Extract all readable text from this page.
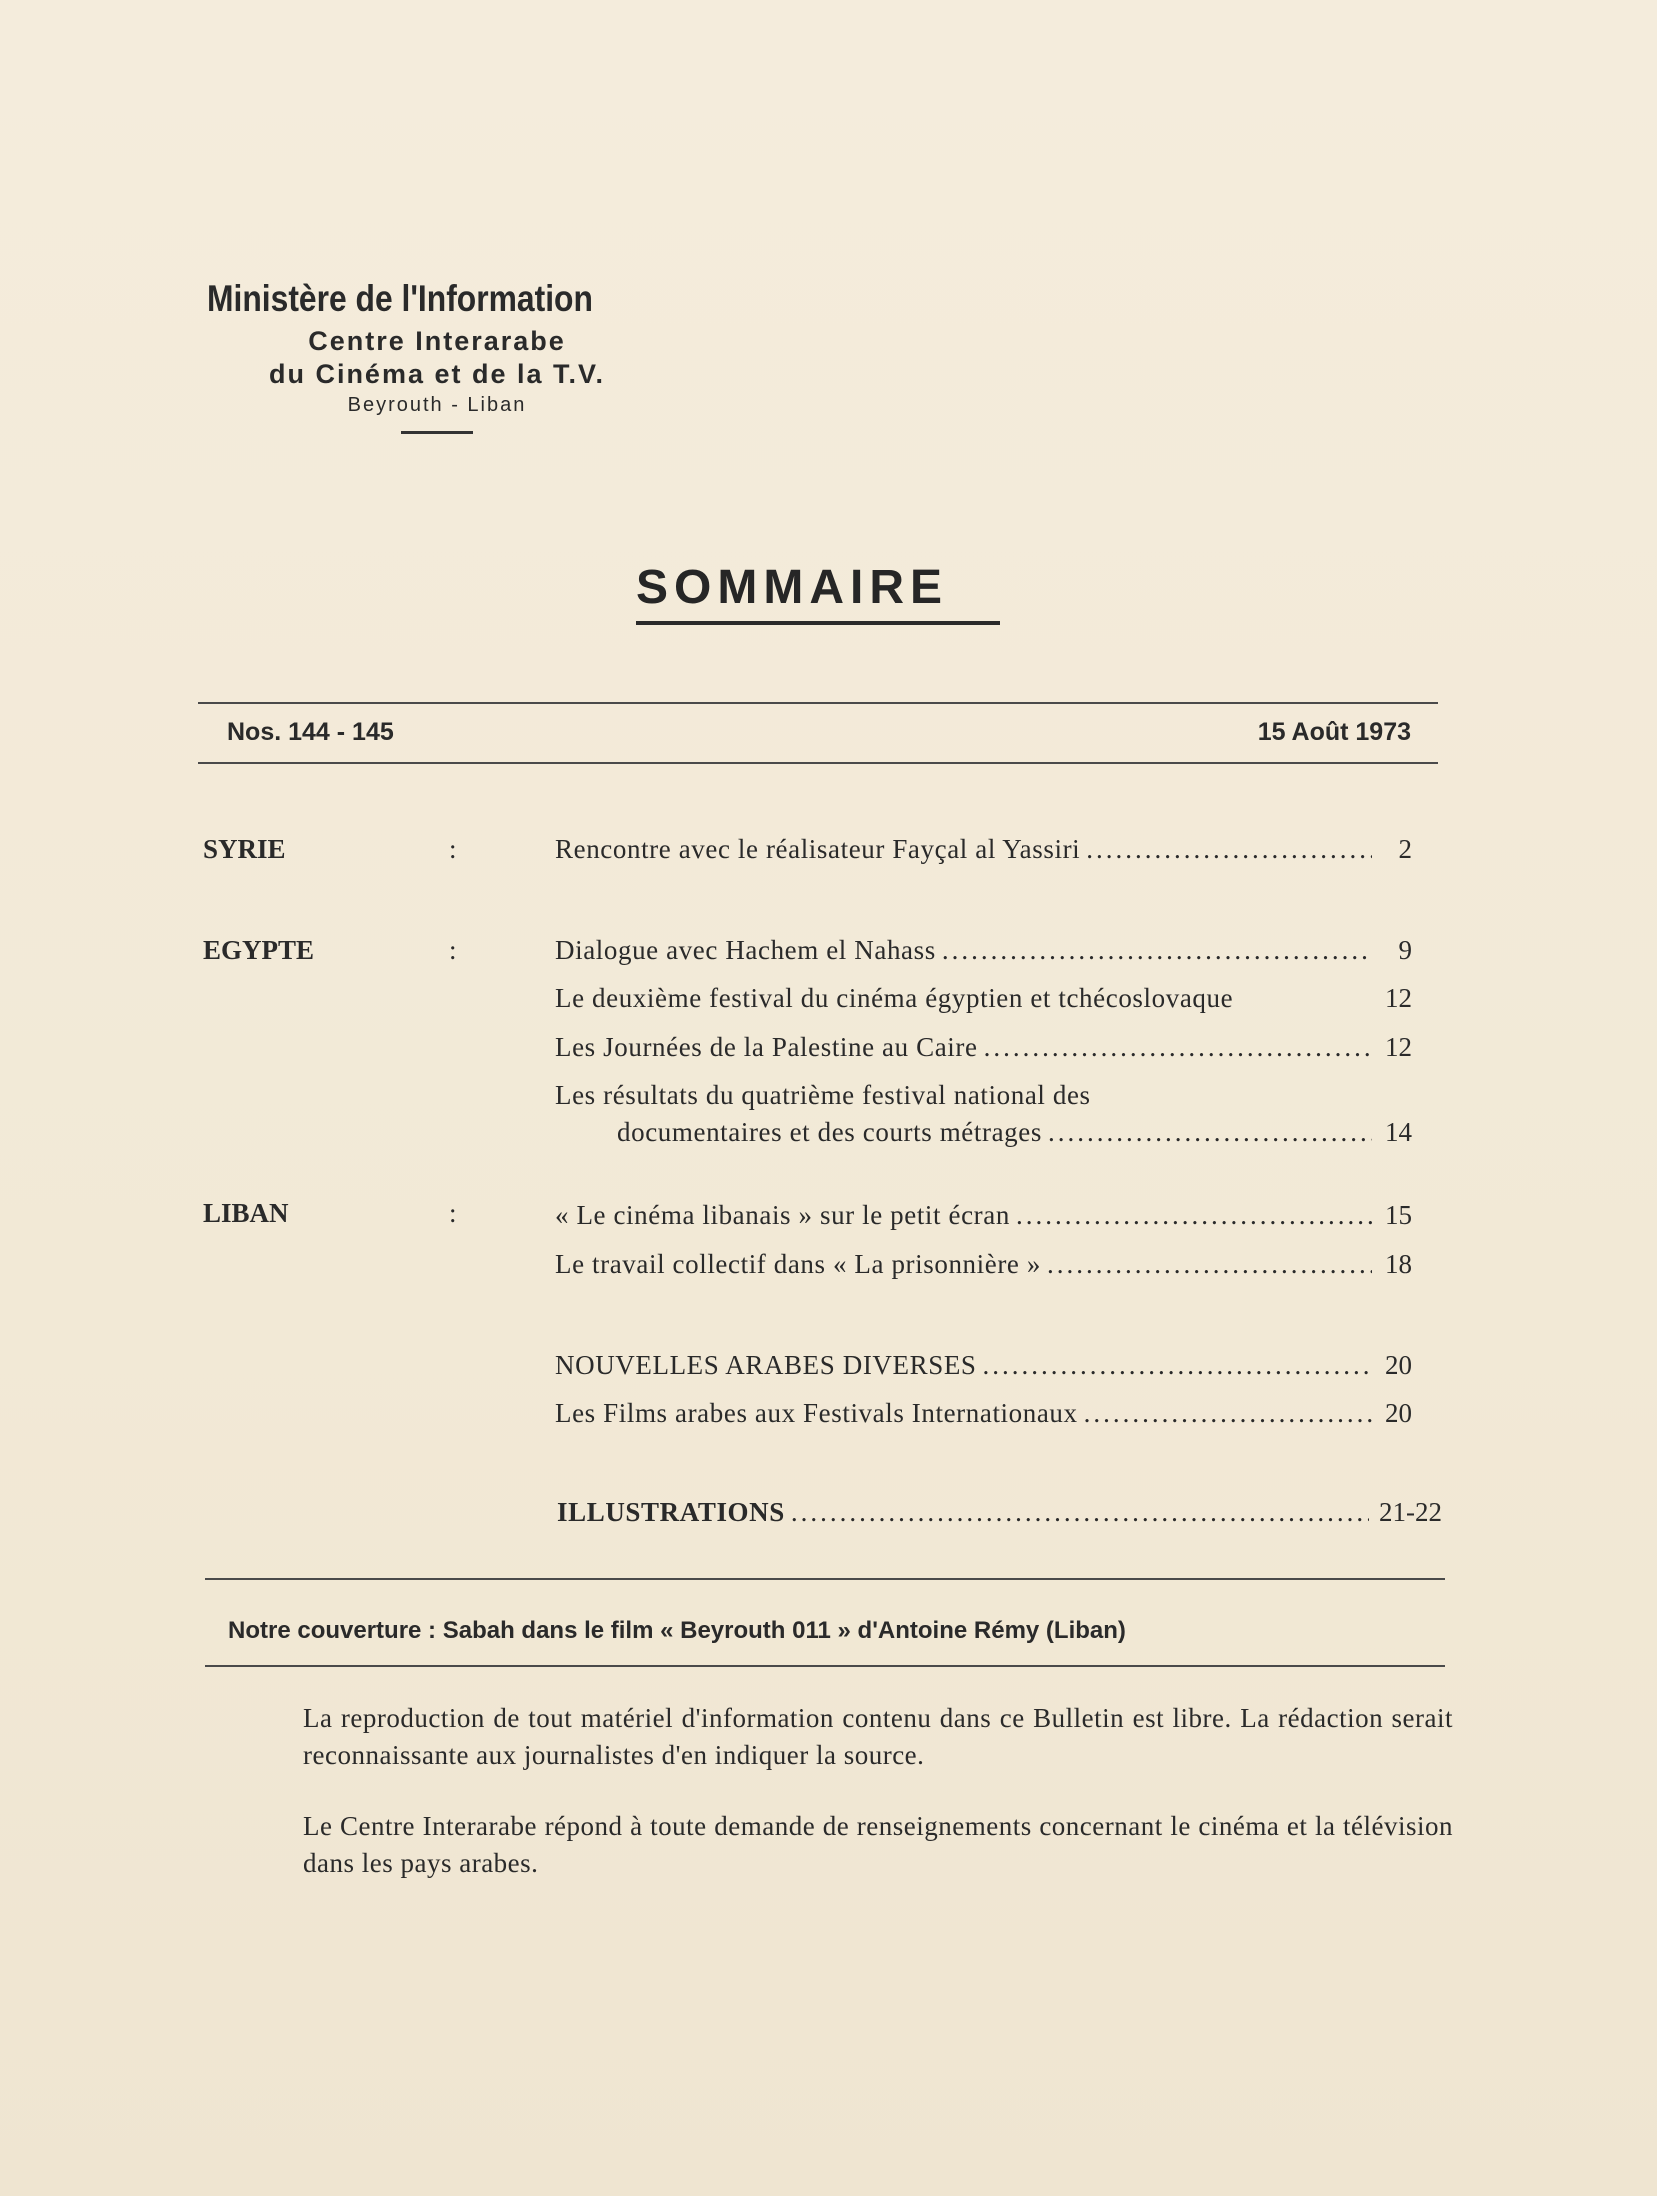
Ministère de l'Information
Centre Interarabe
du Cinéma et de la T.V.
Beyrouth - Liban
SOMMAIRE
Nos. 144 - 145	15 Août 1973
SYRIE	:	Rencontre avec le réalisateur Fayçal al Yassiri .....	2
EGYPTE	:	Dialogue avec Hachem el Nahass .....	9
Le deuxième festival du cinéma égyptien et tchécoslovaque	12
Les Journées de la Palestine au Caire .....	12
Les résultats du quatrième festival national des
documentaires et des courts métrages .....	14
LIBAN	:	« Le cinéma libanais » sur le petit écran .....	15
Le travail collectif dans « La prisonnière » .....	18
NOUVELLES ARABES DIVERSES .....	20
Les Films arabes aux Festivals Internationaux .....	20
ILLUSTRATIONS .....	21-22
Notre couverture : Sabah dans le film « Beyrouth 011 » d'Antoine Rémy (Liban)
La reproduction de tout matériel d'information contenu dans ce Bulletin est libre. La rédaction serait reconnaissante aux journalistes d'en indiquer la source.
Le Centre Interarabe répond à toute demande de renseignements concernant le cinéma et la télévision dans les pays arabes.
